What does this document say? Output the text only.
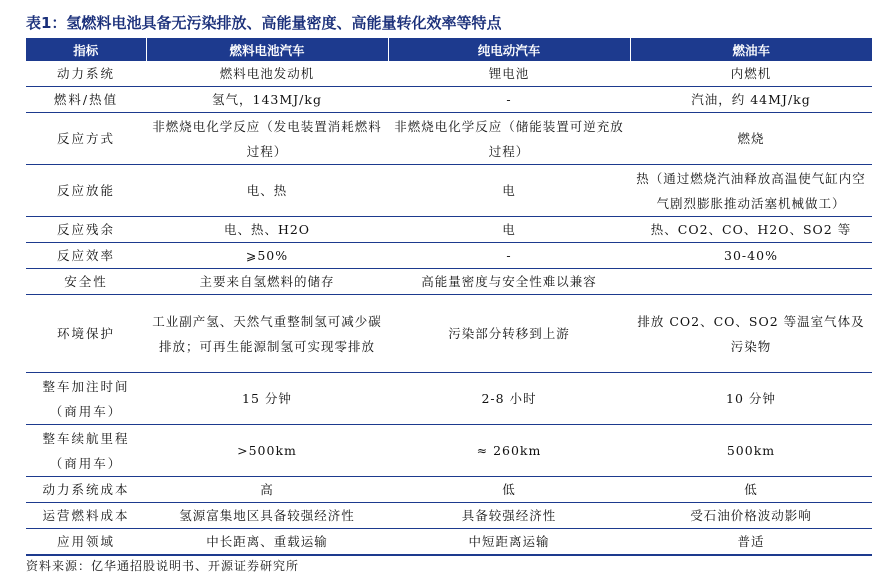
表1：氢燃料电池具备无污染排放、高能量密度、高能量转化效率等特点
指标	燃料电池汽车	纯电动汽车	燃油车
动力系统	燃料电池发动机	锂电池	内燃机
燃料/热值	氢气，143MJ/kg	-	汽油，约 44MJ/kg
反应方式	非燃烧电化学反应（发电装置消耗燃料过程）	非燃烧电化学反应（储能装置可逆充放过程）	燃烧
反应放能	电、热	电	热（通过燃烧汽油释放高温使气缸内空气剧烈膨胀推动活塞机械做工）
反应残余	电、热、H2O	电	热、CO2、CO、H2O、SO2 等
反应效率	⩾50%	-	30-40%
安全性	主要来自氢燃料的储存	高能量密度与安全性难以兼容	
环境保护	工业副产氢、天然气重整制氢可减少碳排放；可再生能源制氢可实现零排放	污染部分转移到上游	排放 CO2、CO、SO2 等温室气体及污染物
整车加注时间（商用车）	15 分钟	2-8 小时	10 分钟
整车续航里程（商用车）	>500km	≈ 260km	500km
动力系统成本	高	低	低
运营燃料成本	氢源富集地区具备较强经济性	具备较强经济性	受石油价格波动影响
应用领域	中长距离、重载运输	中短距离运输	普适
资料来源：亿华通招股说明书、开源证券研究所
